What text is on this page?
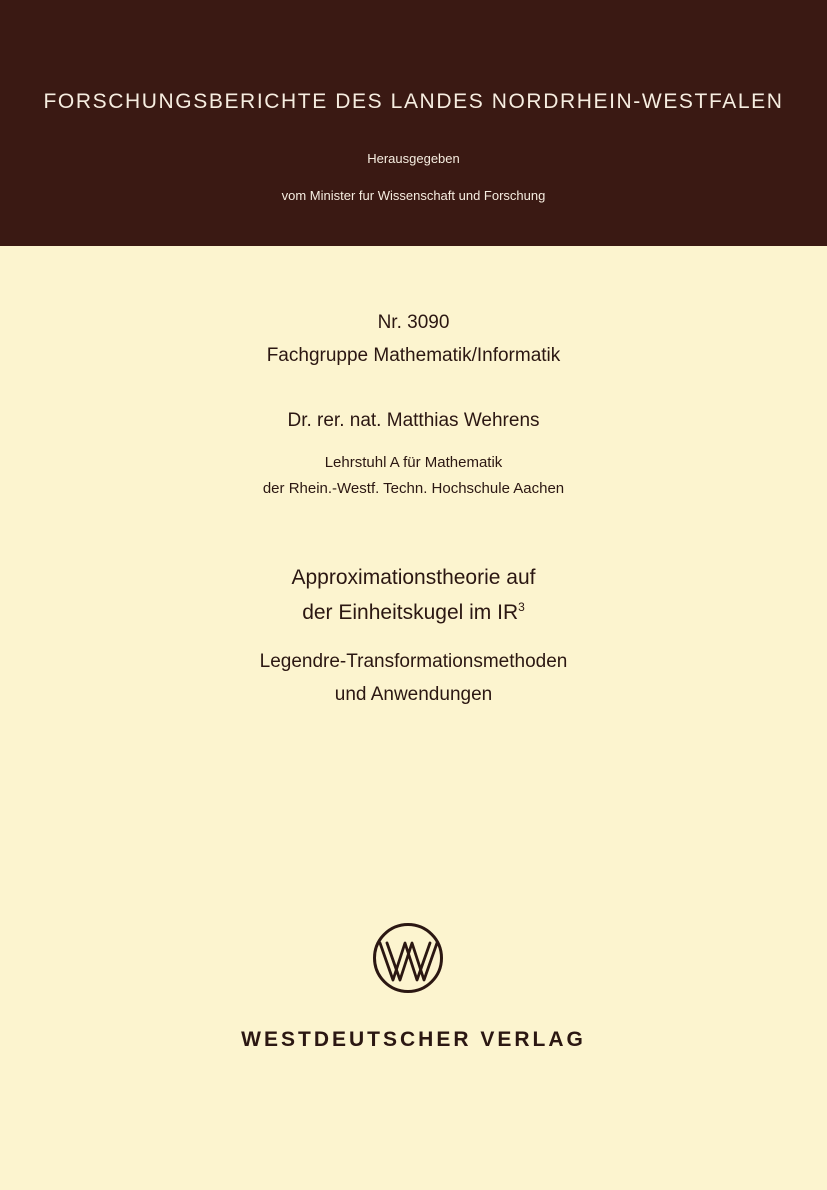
FORSCHUNGSBERICHTE DES LANDES NORDRHEIN-WESTFALEN
Herausgegeben
vom Minister fur Wissenschaft und Forschung
Nr. 3090
Fachgruppe Mathematik/Informatik
Dr. rer. nat. Matthias Wehrens
Lehrstuhl A für Mathematik
der Rhein.-Westf. Techn. Hochschule Aachen
Approximationstheorie auf
der Einheitskugel im $IR^3$
Legendre-Transformationsmethoden
und Anwendungen
WESTDEUTSCHER VERLAG
